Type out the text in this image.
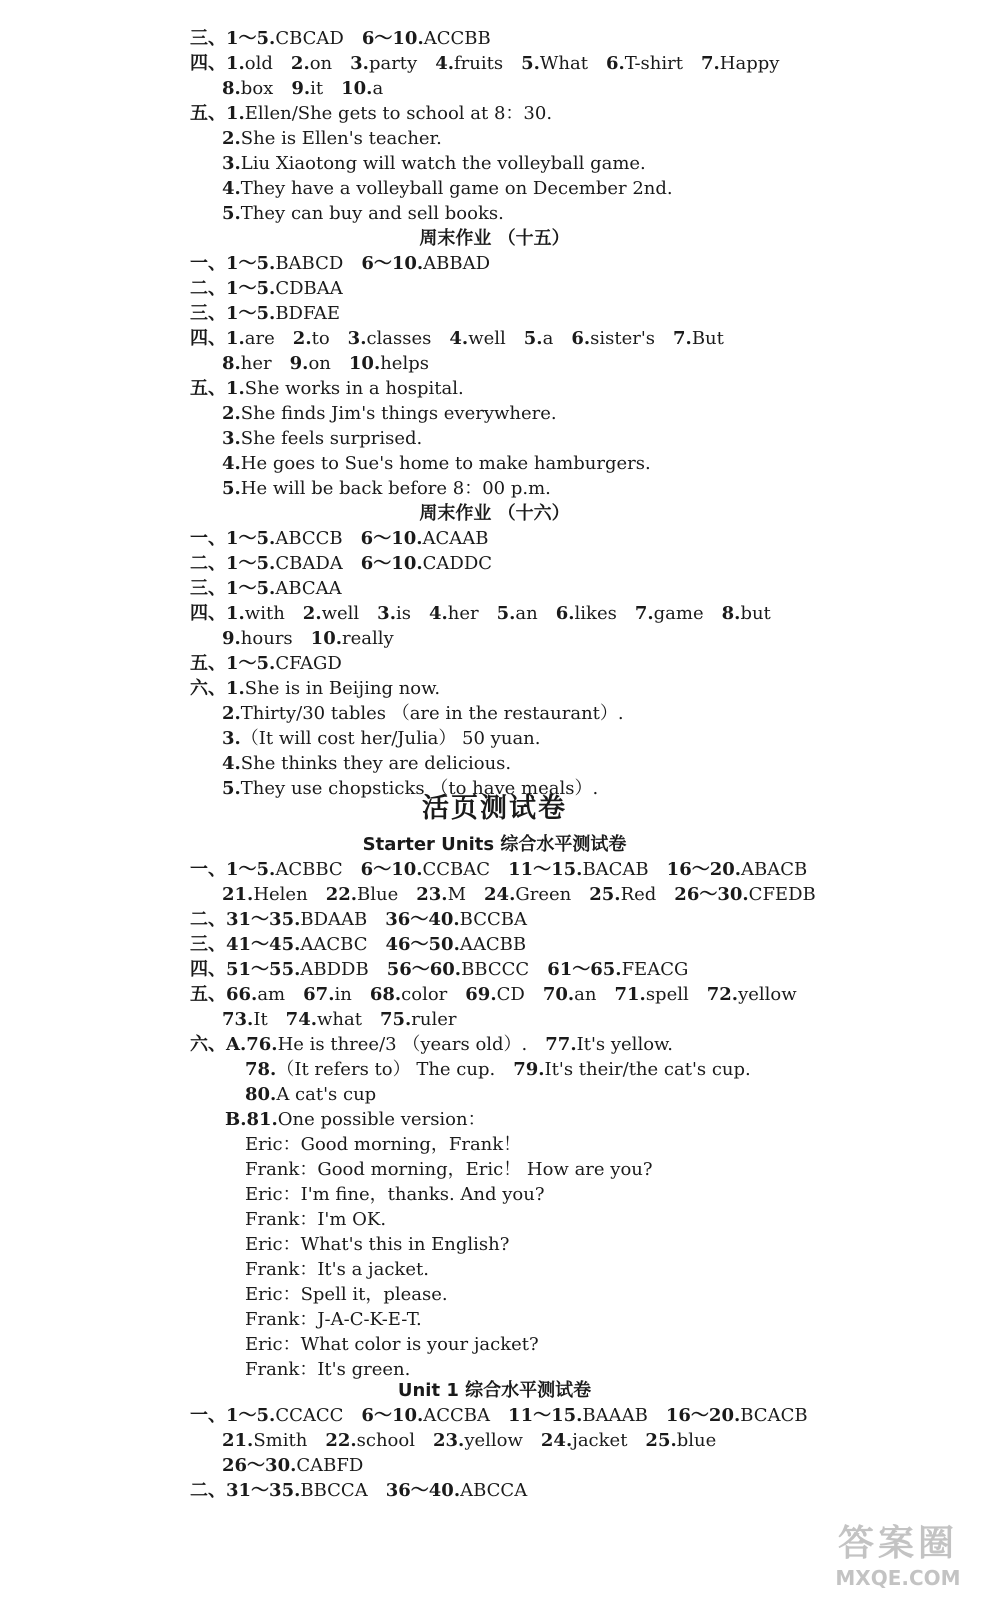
三、1～5.CBCAD 6～10.ACCBB
四、1.old 2.on 3.party 4.fruits 5.What 6.T-shirt 7.Happy
8.box 9.it 10.a
五、1.Ellen/She gets to school at 8：30.
2.She is Ellen's teacher.
3.Liu Xiaotong will watch the volleyball game.
4.They have a volleyball game on December 2nd.
5.They can buy and sell books.
周末作业 （十五）
一、1～5.BABCD 6～10.ABBAD
二、1～5.CDBAA
三、1～5.BDFAE
四、1.are 2.to 3.classes 4.well 5.a 6.sister's 7.But
8.her 9.on 10.helps
五、1.She works in a hospital.
2.She finds Jim's things everywhere.
3.She feels surprised.
4.He goes to Sue's home to make hamburgers.
5.He will be back before 8：00 p.m.
周末作业 （十六）
一、1～5.ABCCB 6～10.ACAAB
二、1～5.CBADA 6～10.CADDC
三、1～5.ABCAA
四、1.with 2.well 3.is 4.her 5.an 6.likes 7.game 8.but
9.hours 10.really
五、1～5.CFAGD
六、1.She is in Beijing now.
2.Thirty/30 tables （are in the restaurant）.
3.（It will cost her/Julia） 50 yuan.
4.She thinks they are delicious.
5.They use chopsticks （to have meals）.
活页测试卷
Starter Units 综合水平测试卷
一、1～5.ACBBC 6～10.CCBAC 11～15.BACAB 16～20.ABACB
21.Helen 22.Blue 23.M 24.Green 25.Red 26～30.CFEDB
二、31～35.BDAAB 36～40.BCCBA
三、41～45.AACBC 46～50.AACBB
四、51～55.ABDDB 56～60.BBCCC 61～65.FEACG
五、66.am 67.in 68.color 69.CD 70.an 71.spell 72.yellow
73.It 74.what 75.ruler
六、A.76.He is three/3 （years old）. 77.It's yellow.
78.（It refers to） The cup. 79.It's their/the cat's cup.
80.A cat's cup
B.81.One possible version：
Eric：Good morning，Frank！
Frank：Good morning，Eric！ How are you?
Eric：I'm fine，thanks. And you?
Frank：I'm OK.
Eric：What's this in English?
Frank：It's a jacket.
Eric：Spell it，please.
Frank：J-A-C-K-E-T.
Eric：What color is your jacket?
Frank：It's green.
Unit 1 综合水平测试卷
一、1～5.CCACC 6～10.ACCBA 11～15.BAAAB 16～20.BCACB
21.Smith 22.school 23.yellow 24.jacket 25.blue
26～30.CABFD
二、31～35.BBCCA 36～40.ABCCA
答案圈
MXQE.COM
